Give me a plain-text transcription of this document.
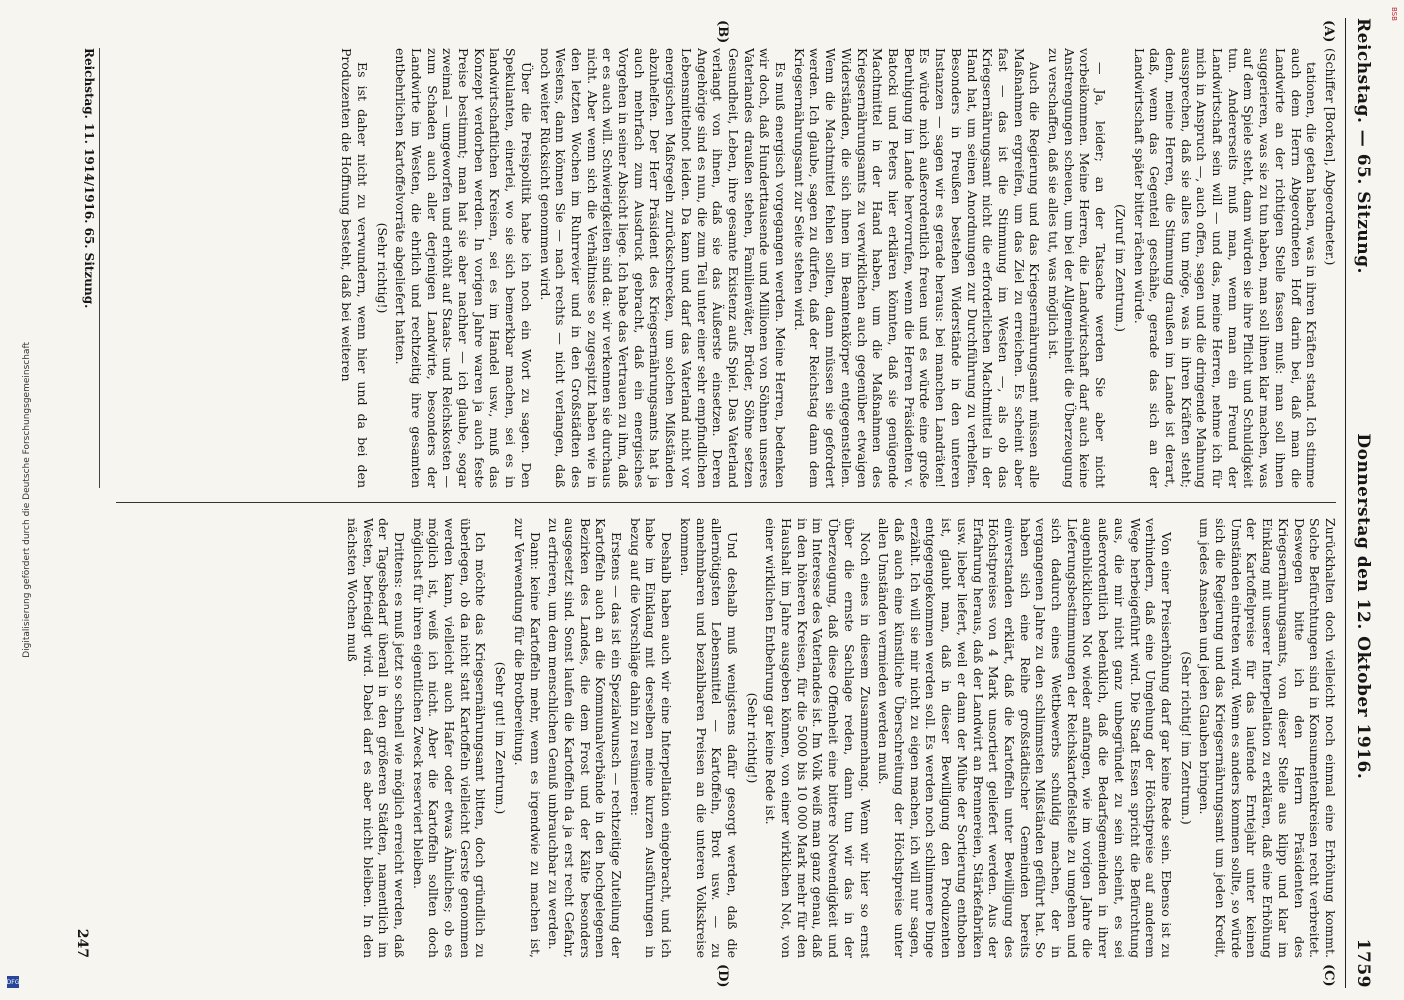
Digitalisierung gefördert durch die Deutsche Forschungsgemeinschaft
DFG
BSB
Reichstag. — 65. Sitzung.
Donnerstag den 12. Oktober 1916.
1759
(A)
(B)
(C)
(D)

(Schiffer [Borken], Abgeordneter.)

tationen, die getan haben, was in ihren Kräften stand. Ich stimme auch dem Herrn Abgeordneten Hoff darin bei, daß man die Landwirte an der richtigen Stelle fassen muß: man soll ihnen suggerieren, was sie zu tun haben, man soll ihnen klar machen, was auf dem Spiele steht, dann würden sie ihre Pflicht und Schuldigkeit tun. Andererseits muß man, wenn man ein Freund der Landwirtschaft sein will — und das, meine Herren, nehme ich für mich in Anspruch —, auch offen, sagen und die dringende Mahnung aussprechen, daß sie alles tun möge, was in ihren Kräften steht; denn, meine Herren, die Stimmung draußen im Lande ist derart, daß, wenn das Gegenteil geschähe, gerade das sich an der Landwirtschaft später bitter rächen würde.

(Zuruf im Zentrum.)

— Ja, leider; an der Tatsache werden Sie aber nicht vorbeikommen. Meine Herren, die Landwirtschaft darf auch keine Anstrengungen scheuen, um bei der Allgemeinheit die Überzeugung zu verschaffen, daß sie alles tut, was möglich ist.

Auch die Regierung und das Kriegsernährungsamt müssen alle Maßnahmen ergreifen, um das Ziel zu erreichen. Es scheint aber fast — das ist die Stimmung im Westen —, als ob das Kriegsernährungsamt nicht die erforderlichen Machtmittel in der Hand hat, um seinen Anordnungen zur Durchführung zu verhelfen. Besonders in Preußen bestehen Widerstände in den unteren Instanzen — sagen wir es gerade heraus: bei manchen Landräten! Es würde mich außerordentlich freuen und es würde eine große Beruhigung im Lande hervorrufen, wenn die Herren Präsidenten v. Batocki und Peters hier erklären könnten, daß sie genügende Machtmittel in der Hand haben, um die Maßnahmen des Kriegsernährungsamts zu verwirklichen auch gegenüber etwaigen Widerständen, die sich ihnen im Beamtenkörper entgegenstellen. Wenn die Machtmittel fehlen sollten, dann müssen sie gefordert werden. Ich glaube, sagen zu dürfen, daß der Reichstag dann dem Kriegsernährungsamt zur Seite stehen wird.

Es muß energisch vorgegangen werden. Meine Herren, bedenken wir doch, daß Hunderttausende und Millionen von Söhnen unseres Vaterlandes draußen stehen, Familienväter, Brüder, Söhne setzen Gesundheit, Leben, ihre gesamte Existenz aufs Spiel. Das Vaterland verlangt von ihnen, daß sie das Äußerste einsetzen. Deren Angehörige sind es nun, die zum Teil unter einer sehr empfindlichen Lebensmittelnot leiden. Da kann und darf das Vaterland nicht vor energischen Maßregeln zurückschrecken, um solchen Mißständen abzuhelfen. Der Herr Präsident des Kriegsernährungsamts hat ja auch mehrfach zum Ausdruck gebracht, daß ein energisches Vorgehen in seiner Absicht liege. Ich habe das Vertrauen zu ihm, daß er es auch will. Schwierigkeiten sind da: wir verkennen sie durchaus nicht. Aber wenn sich die Verhältnisse so zugespitzt haben wie in den letzten Wochen im Ruhrrevier und in den Großstädten des Westens, dann können Sie — nach rechts — nicht verlangen, daß noch weiter Rücksicht genommen wird.

Über die Preispolitik habe ich noch ein Wort zu sagen. Den Spekulanten, einerlei, wo sie sich bemerkbar machen, sei es in landwirtschaftlichen Kreisen, sei es im Handel usw., muß das Konzept verdorben werden. In vorigen Jahre waren ja auch feste Preise bestimmt; man hat sie aber nachher — ich glaube, sogar zweimal — umgeworfen und erhöht auf Staats- und Reichskosten — zum Schaden auch aller derjenigen Landwirte, besonders der Landwirte im Westen, die ehrlich und rechtzeitig ihre gesamten entbehrlichen Kartoffelvorräte abgeliefert hatten.

(Sehr richtig!)

Es ist daher nicht zu verwundern, wenn hier und da bei den Produzenten die Hoffnung besteht, daß bei weiteren

Zurückhalten doch vielleicht noch einmal eine Erhöhung kommt. Solche Befürchtungen sind in Konsumentenkreisen recht verbreitet. Deswegen bitte ich den Herrn Präsidenten des Kriegsernährungsamts, von dieser Stelle aus klipp und klar im Einklang mit unserer Interpellation zu erklären, daß eine Erhöhung der Kartoffelpreise für das laufende Erntejahr unter keinen Umständen eintreten wird. Wenn es anders kommen sollte, so würde sich die Regierung und das Kriegsernährungsamt um jeden Kredit, um jedes Ansehen und jeden Glauben bringen.

(Sehr richtig! im Zentrum.)

Von einer Preiserhöhung darf gar keine Rede sein. Ebenso ist zu verhindern, daß eine Umgehung der Höchstpreise auf anderem Wege herbeigeführt wird. Die Stadt Essen spricht die Befürchtung aus, die mir nicht ganz unbegründet zu sein scheint, es sei außerordentlich bedenklich, daß die Bedarfsgemeinden in ihrer augenblicklichen Not wieder anfangen, wie im vorigen Jahre die Lieferungsbestimmungen der Reichskartoffelstelle zu umgehen und sich dadurch eines Wettbewerbs schuldig machen, der in vergangenen Jahre zu den schlimmsten Mißständen geführt hat. So haben sich eine Reihe großstädtischer Gemeinden bereits einverstanden erklärt, daß die Kartoffeln unter Bewilligung des Höchstpreises von 4 Mark unsortiert geliefert werden. Aus der Erfahrung heraus, daß der Landwirt an Brennereien, Stärkefabriken usw. lieber liefert, weil er dann der Mühe der Sortierung enthoben ist, glaubt man, daß in dieser Bewilligung den Produzenten entgegengekommen werden soll. Es werden noch schlimmere Dinge erzählt. Ich will sie mir nicht zu eigen machen, ich will nur sagen, daß auch eine künstliche Überschreitung der Höchstpreise unter allen Umständen vermieden werden muß.

Noch eines in diesem Zusammenhang. Wenn wir hier so ernst über die ernste Sachlage reden, dann tun wir das in der Überzeugung, daß diese Offenheit eine bittere Notwendigkeit und im Interesse des Vaterlandes ist. Im Volk weiß man ganz genau, daß in den höheren Kreisen, für die 5000 bis 10 000 Mark mehr für den Haushalt im Jahre ausgeben können, von einer wirklichen Not, von einer wirklichen Entbehrung gar keine Rede ist.

(Sehr richtig!)

Und deshalb muß wenigstens dafür gesorgt werden, daß die allernötigsten Lebensmittel — Kartoffeln, Brot usw. — zu annehmbaren und bezahlbaren Preisen an die unteren Volkskreise kommen.

Deshalb haben auch wir eine Interpellation eingebracht, und ich habe im Einklang mit derselben meine kurzen Ausführungen in bezug auf die Vorschläge dahin zu resümieren:

Erstens — das ist ein Spezialwunsch — rechtzeitige Zuteilung der Kartoffeln auch an die Kommunalverbände in den hochgelegenen Bezirken des Landes, die dem Frost und der Kälte besonders ausgesetzt sind. Sonst laufen die Kartoffeln da ja erst recht Gefahr, zu erfrieren, um dem menschlichen Genuß unbrauchbar zu werden.

Dann: keine Kartoffeln mehr, wenn es irgendwie zu machen ist, zur Verwendung für die Brotbereitung.

(Sehr gut! im Zentrum.)

Ich möchte das Kriegsernährungsamt bitten, doch gründlich zu überlegen, ob da nicht statt Kartoffeln vielleicht Gerste genommen werden kann, vielleicht auch Hafer oder etwas Ähnliches; ob es möglich ist, weiß ich nicht. Aber die Kartoffeln sollten doch möglichst für ihren eigentlichen Zweck reserviert bleiben.

Drittens: es muß jetzt so schnell wie möglich erreicht werden, daß der Tagesbedarf überall in den größeren Städten, namentlich im Westen, befriedigt wird. Dabei darf es aber nicht bleiben. In den nächsten Wochen muß

Reichstag. 11. 1914/1916. 65. Sitzung.
247
